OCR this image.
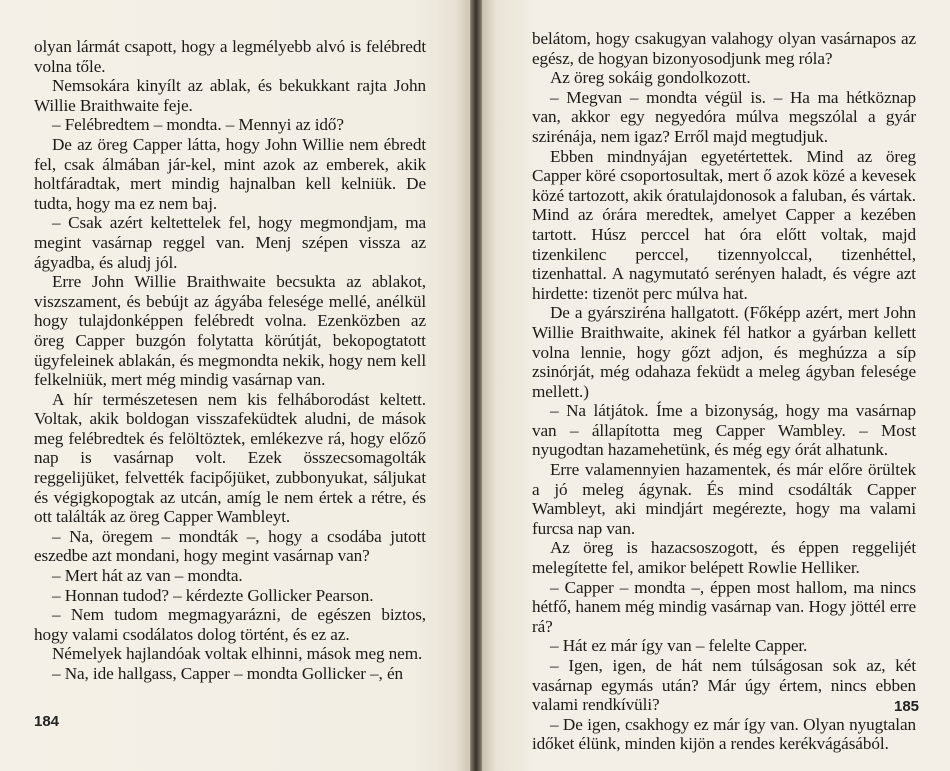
olyan lármát csapott, hogy a legmélyebb alvó is felébredt volna tőle.

Nemsokára kinyílt az ablak, és bekukkant rajta John Willie Braithwaite feje.

– Felébredtem – mondta. – Mennyi az idő?

De az öreg Capper látta, hogy John Willie nem ébredt fel, csak álmában jár-kel, mint azok az emberek, akik holtfáradtak, mert mindig hajnalban kell kelniük. De tudta, hogy ma ez nem baj.

– Csak azért keltettelek fel, hogy megmondjam, ma megint vasárnap reggel van. Menj szépen vissza az ágyadba, és aludj jól.

Erre John Willie Braithwaite becsukta az ablakot, viszszament, és bebújt az ágyába felesége mellé, anélkül hogy tulajdonképpen felébredt volna. Ezenközben az öreg Capper buzgón folytatta körútját, bekopogtatott ügyfeleinek ablakán, és megmondta nekik, hogy nem kell felkelniük, mert még mindig vasárnap van.

A hír természetesen nem kis felháborodást keltett. Voltak, akik boldogan visszafeküdtek aludni, de mások meg felébredtek és felöltöztek, emlékezve rá, hogy előző nap is vasárnap volt. Ezek összecsomagolták reggelijüket, felvették facipőjüket, zubbonyukat, sáljukat és végigkopogtak az utcán, amíg le nem értek a rétre, és ott találták az öreg Capper Wambleyt.

– Na, öregem – mondták –, hogy a csodába jutott eszedbe azt mondani, hogy megint vasárnap van?

– Mert hát az van – mondta.

– Honnan tudod? – kérdezte Gollicker Pearson.

– Nem tudom megmagyarázni, de egészen biztos, hogy valami csodálatos dolog történt, és ez az.

Némelyek hajlandóak voltak elhinni, mások meg nem.

– Na, ide hallgass, Capper – mondta Gollicker –, én

184

belátom, hogy csakugyan valahogy olyan vasárnapos az egész, de hogyan bizonyosodjunk meg róla?

Az öreg sokáig gondolkozott.

– Megvan – mondta végül is. – Ha ma hétköznap van, akkor egy negyedóra múlva megszólal a gyár szirénája, nem igaz? Erről majd megtudjuk.

Ebben mindnyájan egyetértettek. Mind az öreg Capper köré csoportosultak, mert ő azok közé a kevesek közé tartozott, akik óratulajdonosok a faluban, és vártak. Mind az órára meredtek, amelyet Capper a kezében tartott. Húsz perccel hat óra előtt voltak, majd tizenkilenc perccel, tizennyolccal, tizenhéttel, tizenhattal. A nagymutató serényen haladt, és végre azt hirdette: tizenöt perc múlva hat.

De a gyársziréna hallgatott. (Főképp azért, mert John Willie Braithwaite, akinek fél hatkor a gyárban kellett volna lennie, hogy gőzt adjon, és meghúzza a síp zsinórját, még odahaza feküdt a meleg ágyban felesége mellett.)

– Na látjátok. Íme a bizonyság, hogy ma vasárnap van – állapította meg Capper Wambley. – Most nyugodtan hazamehetünk, és még egy órát alhatunk.

Erre valamennyien hazamentek, és már előre örültek a jó meleg ágynak. És mind csodálták Capper Wambleyt, aki mindjárt megérezte, hogy ma valami furcsa nap van.

Az öreg is hazacsoszogott, és éppen reggelijét melegítette fel, amikor belépett Rowlie Helliker.

– Capper – mondta –, éppen most hallom, ma nincs hétfő, hanem még mindig vasárnap van. Hogy jöttél erre rá?

– Hát ez már így van – felelte Capper.

– Igen, igen, de hát nem túlságosan sok az, két vasárnap egymás után? Már úgy értem, nincs ebben valami rendkívüli?

– De igen, csakhogy ez már így van. Olyan nyugtalan időket élünk, minden kijön a rendes kerékvágásából.

185
